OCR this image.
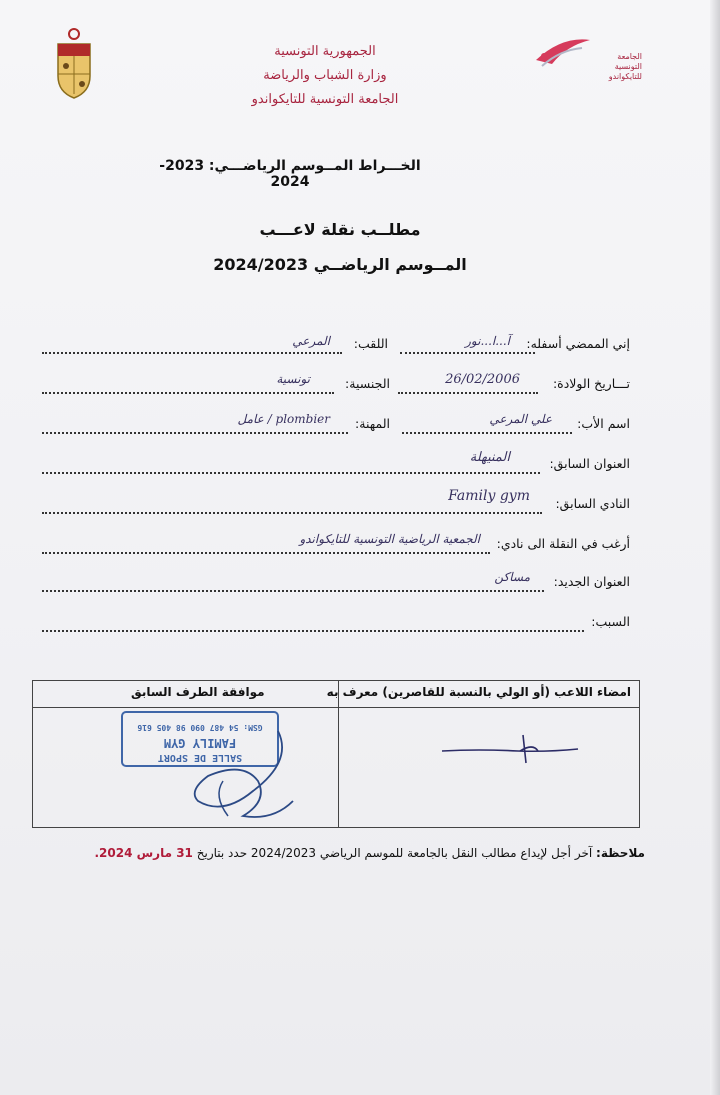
الجمهورية التونسية
وزارة الشباب والرياضة
الجامعة التونسية للتايكواندو
الجامعة
التونسية
للتايكواندو
الخـــراط المــوسم الرياضـــي: 2023- 2024
مطلــب نقلة لاعـــب
المــوسم الرياضــي 2024/2023
إني الممضي أسفله:
آ...ا...نور
اللقب:
المرعي
تـــاريخ الولادة:
26/02/2006
الجنسية:
تونسية
اسم الأب:
علي المرعي
المهنة:
plombier / عامل
العنوان السابق:
المنيهلة
النادي السابق:
Family gym
أرغب في النقلة الى نادي:
الجمعية الرياضية التونسية للتايكواندو
العنوان الجديد:
مساكن
السبب:
امضاء اللاعب (أو الولي بالنسبة للقاصرين) معرف به
موافقة الطرف السابق
SALLE DE SPORT
FAMILY GYM
GSM: 54 487 090 98 405 616
ملاحظة: آخر أجل لإيداع مطالب النقل بالجامعة للموسم الرياضي 2024/2023 حدد بتاريخ 31 مارس 2024.
